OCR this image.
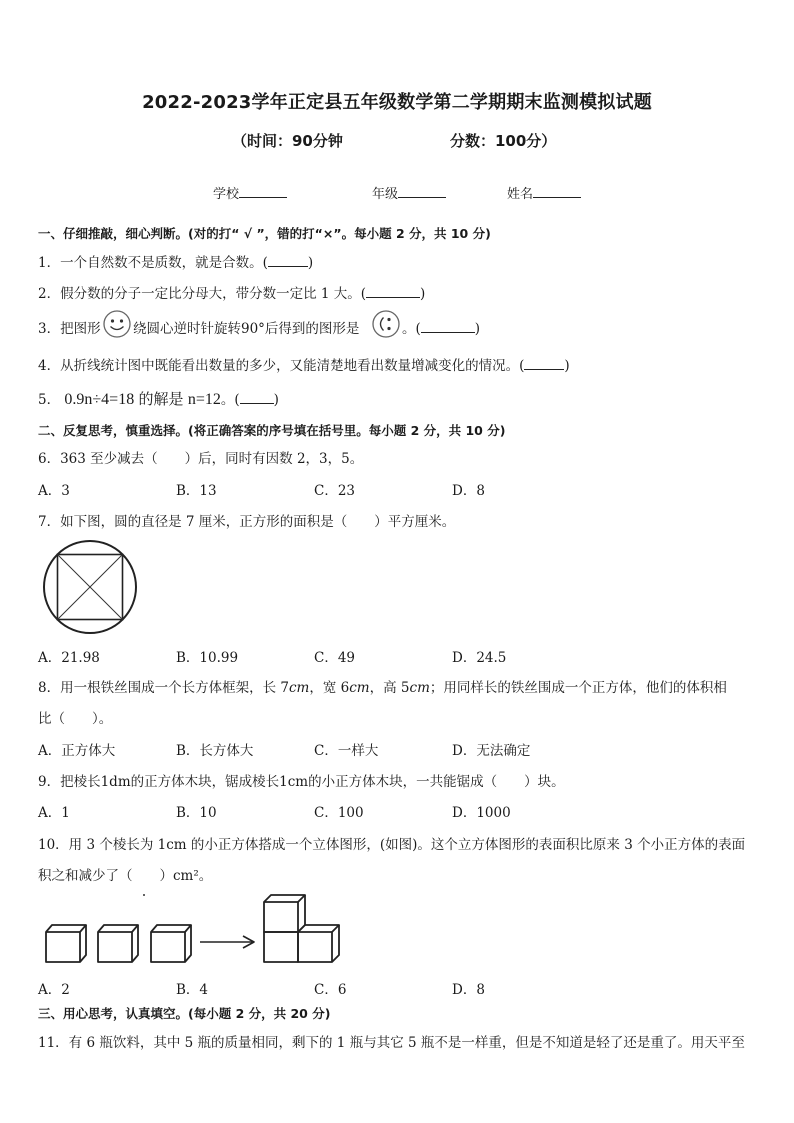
2022-2023学年正定县五年级数学第二学期期末监测模拟试题
（时间：90分钟	分数：100分）
学校	年级	姓名
一、仔细推敲，细心判断。(对的打“ √ ”，错的打“×”。每小题 2 分，共 10 分)
1．一个自然数不是质数，就是合数。(	)
2．假分数的分子一定比分母大，带分数一定比 1 大。(	)
3．把图形 绕圆心逆时针旋转90°后得到的图形是	。(	)
4．从折线统计图中既能看出数量的多少，又能清楚地看出数量增减变化的情况。(	)
5． 0.9n÷4=18 的解是 n=12。(	)
二、反复思考，慎重选择。(将正确答案的序号填在括号里。每小题 2 分，共 10 分)
6．363 至少减去（　　）后，同时有因数 2，3，5。
A．3	B．13	C．23	D．8
7．如下图，圆的直径是 7 厘米，正方形的面积是（　　）平方厘米。
A．21.98	B．10.99	C．49	D．24.5
8．用一根铁丝围成一个长方体框架，长 7cm，宽 6cm，高 5cm；用同样长的铁丝围成一个正方体，他们的体积相
比（　　）。
A．正方体大	B．长方体大	C．一样大	D．无法确定
9．把棱长1dm的正方体木块，锯成棱长1cm的小正方体木块，一共能锯成（　　）块。
A．1	B．10	C．100	D．1000
10．用 3 个棱长为 1cm 的小正方体搭成一个立体图形，(如图)。这个立方体图形的表面积比原来 3 个小正方体的表面
积之和减少了（　　）cm²。
A．2	B．4	C．6	D．8
三、用心思考，认真填空。(每小题 2 分，共 20 分)
11．有 6 瓶饮料，其中 5 瓶的质量相同，剩下的 1 瓶与其它 5 瓶不是一样重，但是不知道是轻了还是重了。用天平至
